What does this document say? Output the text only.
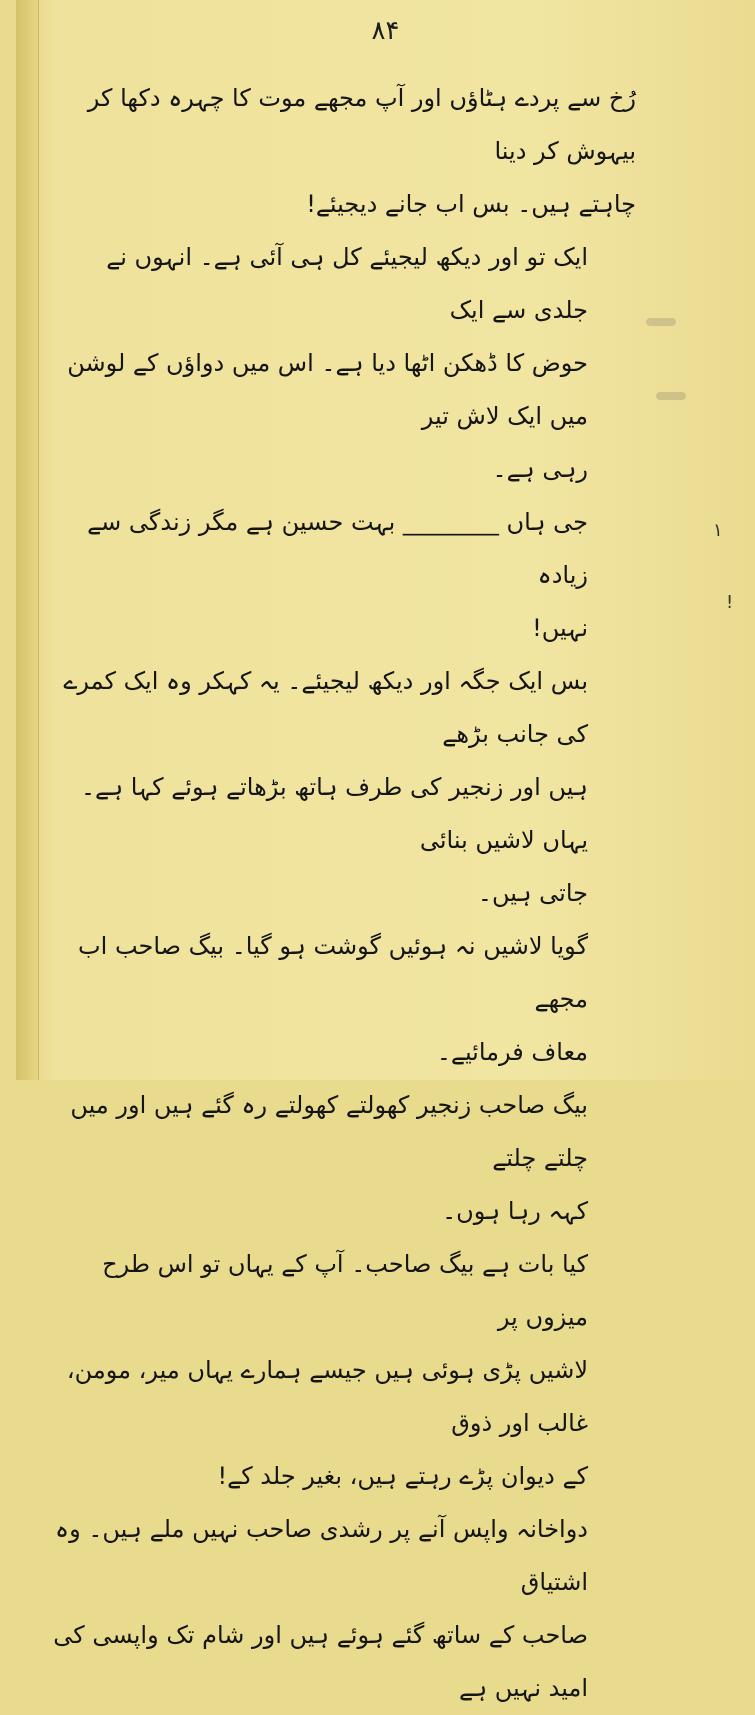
۸۴
رُخ سے پردے ہٹاؤں اور آپ مجھے موت کا چہرہ دکھا کر بیہوش کر دینا
چاہتے ہیں۔ بس اب جانے دیجیئے!
ایک تو اور دیکھ لیجیئے کل ہی آئی ہے۔ انہوں نے جلدی سے ایک
حوض کا ڈھکن اٹھا دیا ہے۔ اس میں دواؤں کے لوشن میں ایک لاش تیر
رہی ہے۔
جی ہاں ________ بہت حسین ہے مگر زندگی سے زیادہ
نہیں!
بس ایک جگہ اور دیکھ لیجیئے۔ یہ کہکر وہ ایک کمرے کی جانب بڑھے
ہیں اور زنجیر کی طرف ہاتھ بڑھاتے ہوئے کہا ہے۔ یہاں لاشیں بنائی
جاتی ہیں۔
گویا لاشیں نہ ہوئیں گوشت ہو گیا۔ بیگ صاحب اب مجھے
معاف فرمائیے۔
بیگ صاحب زنجیر کھولتے کھولتے رہ گئے ہیں اور میں چلتے چلتے
کہہ رہا ہوں۔
کیا بات ہے بیگ صاحب۔ آپ کے یہاں تو اس طرح میزوں پر
لاشیں پڑی ہوئی ہیں جیسے ہمارے یہاں میر، مومن، غالب اور ذوق
کے دیوان پڑے رہتے ہیں، بغیر جلد کے!
دواخانہ واپس آنے پر رشدی صاحب نہیں ملے ہیں۔ وہ اشتیاق
صاحب کے ساتھ گئے ہوئے ہیں اور شام تک واپسی کی امید نہیں ہے
۱
!
